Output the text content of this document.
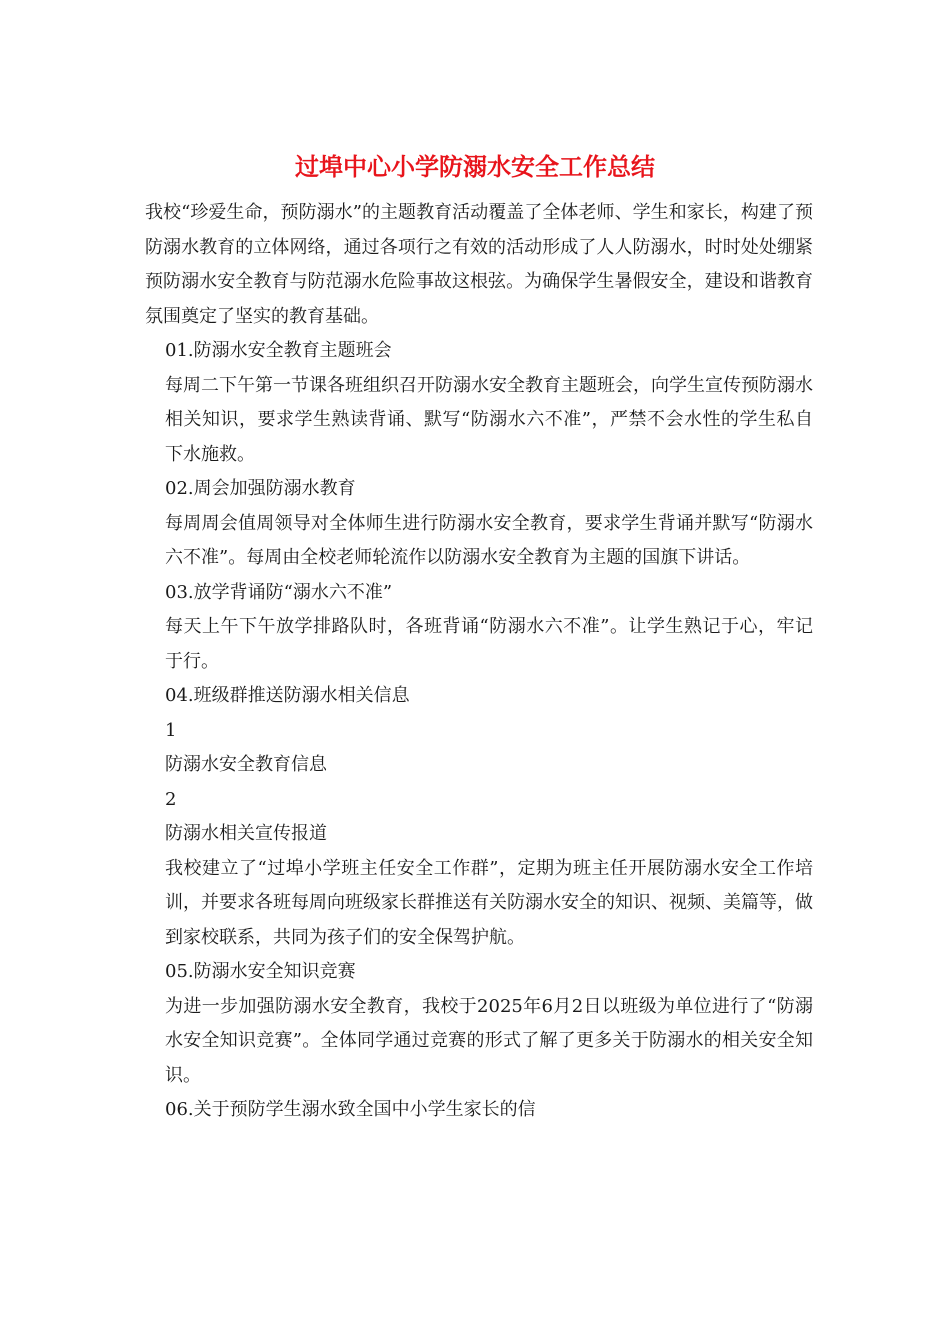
过埠中心小学防溺水安全工作总结

我校“珍爱生命，预防溺水”的主题教育活动覆盖了全体老师、学生和家长，构建了预防溺水教育的立体网络，通过各项行之有效的活动形成了人人防溺水，时时处处绷紧预防溺水安全教育与防范溺水危险事故这根弦。为确保学生暑假安全，建设和谐教育氛围奠定了坚实的教育基础。

01.防溺水安全教育主题班会

每周二下午第一节课各班组织召开防溺水安全教育主题班会，向学生宣传预防溺水相关知识，要求学生熟读背诵、默写“防溺水六不准”，严禁不会水性的学生私自下水施救。

02.周会加强防溺水教育

每周周会值周领导对全体师生进行防溺水安全教育，要求学生背诵并默写“防溺水六不准”。每周由全校老师轮流作以防溺水安全教育为主题的国旗下讲话。

03.放学背诵防“溺水六不准”

每天上午下午放学排路队时，各班背诵“防溺水六不准”。让学生熟记于心，牢记于行。

04.班级群推送防溺水相关信息

1

防溺水安全教育信息

2

防溺水相关宣传报道

我校建立了“过埠小学班主任安全工作群”，定期为班主任开展防溺水安全工作培训，并要求各班每周向班级家长群推送有关防溺水安全的知识、视频、美篇等，做到家校联系，共同为孩子们的安全保驾护航。

05.防溺水安全知识竞赛

为进一步加强防溺水安全教育，我校于2025年6月2日以班级为单位进行了“防溺水安全知识竞赛”。全体同学通过竞赛的形式了解了更多关于防溺水的相关安全知识。

06.关于预防学生溺水致全国中小学生家长的信
